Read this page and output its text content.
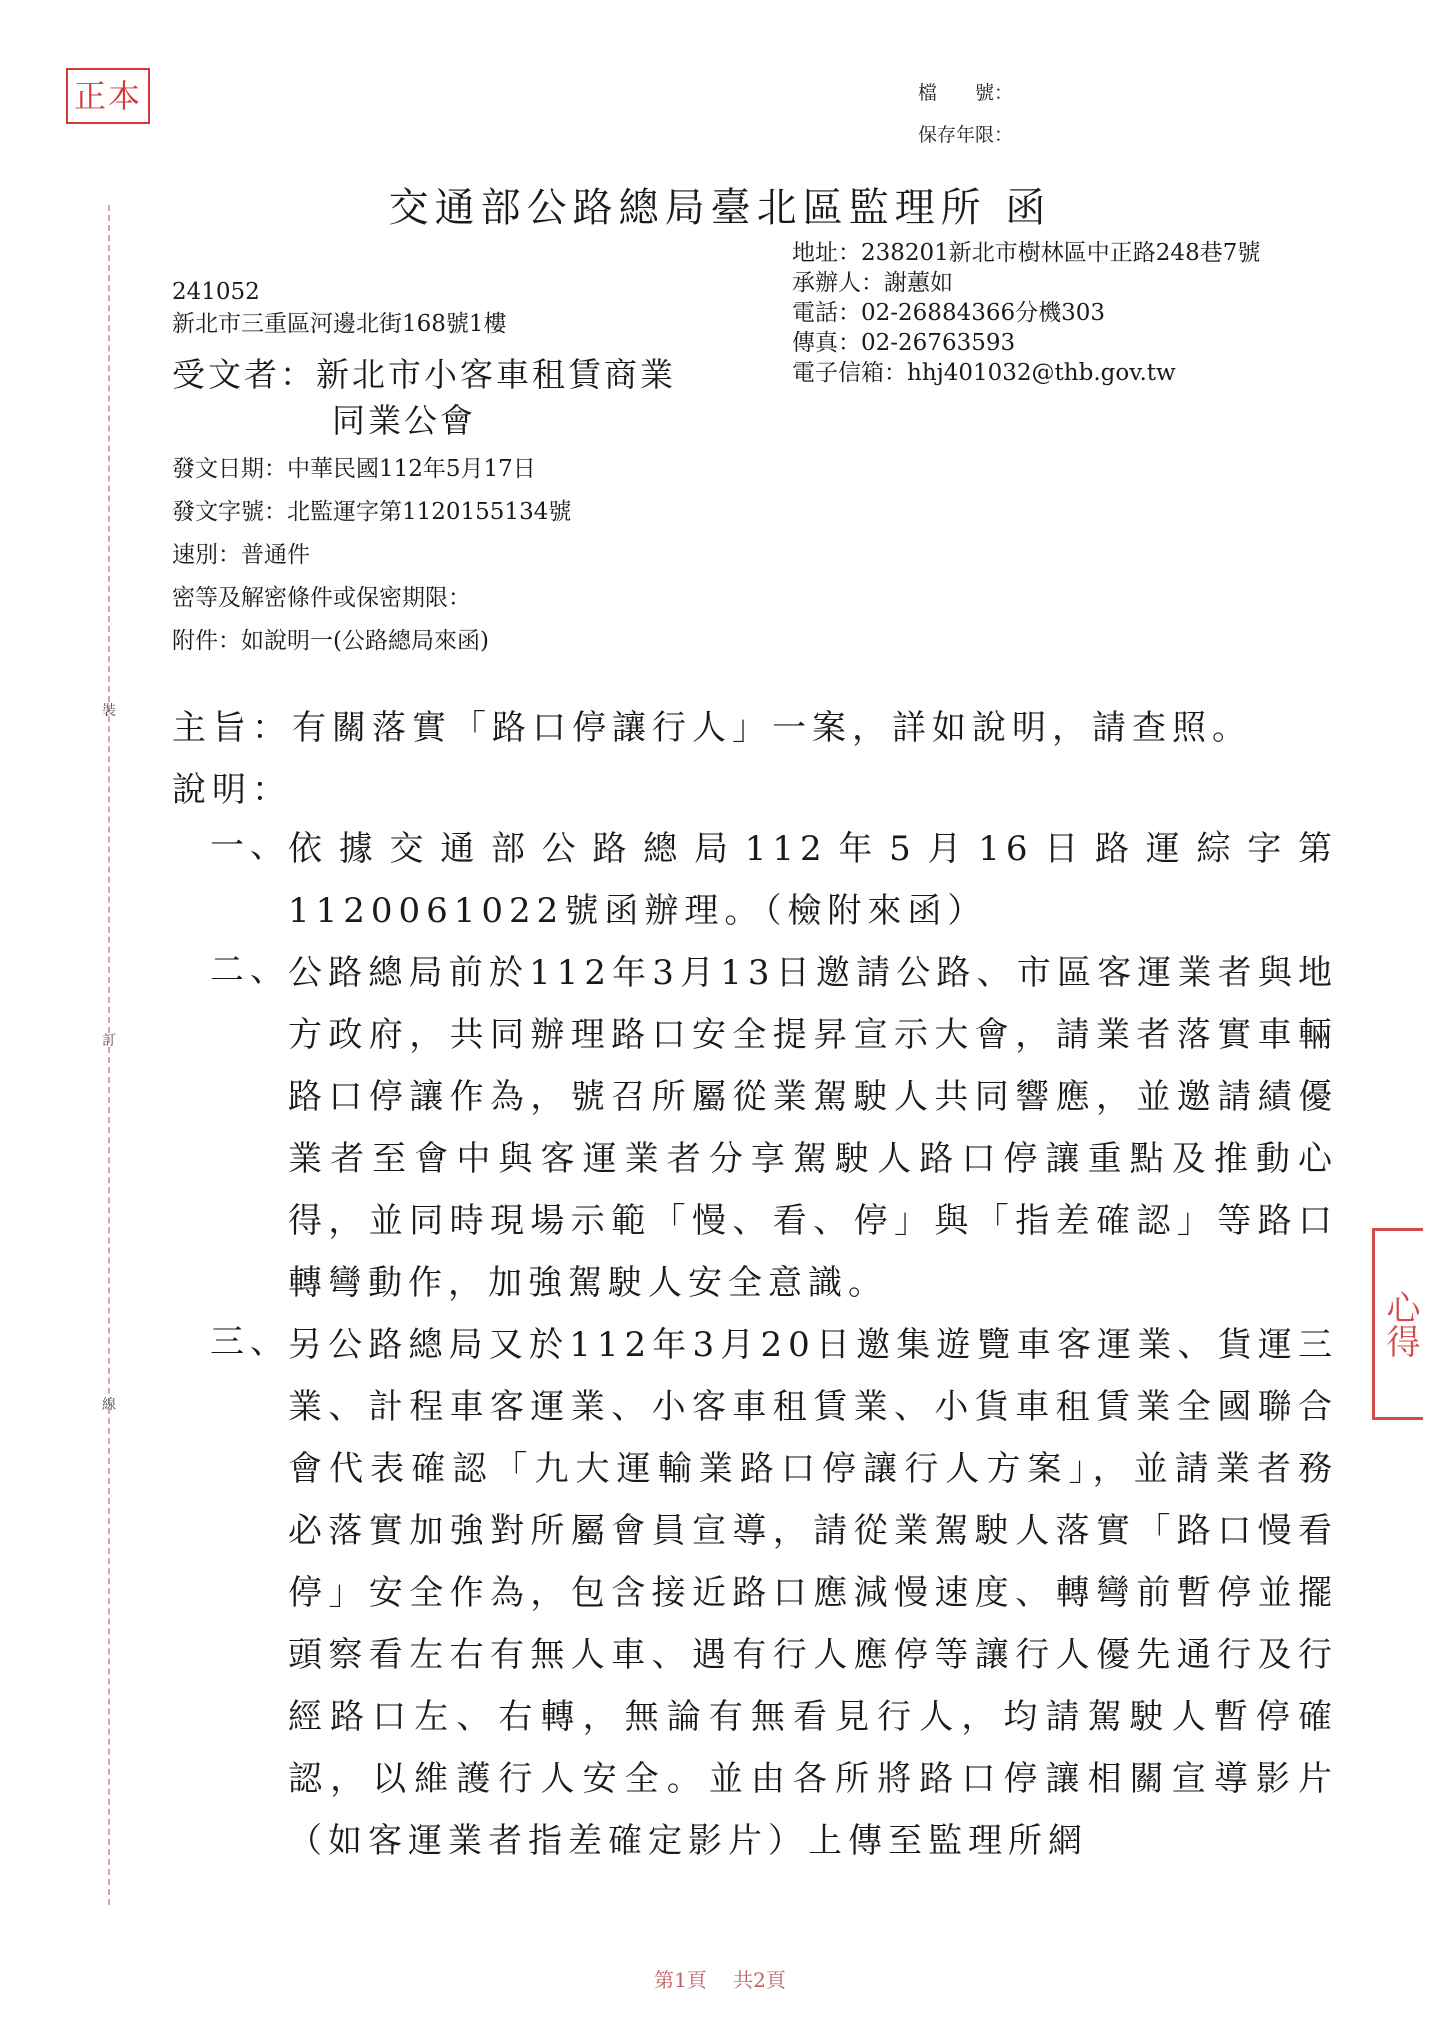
正本	檔　　號：
保存年限：
交通部公路總局臺北區監理所 函
地址：238201新北市樹林區中正路248巷7號
承辦人：謝蕙如
電話：02-26884366分機303
傳真：02-26763593
電子信箱：hhj401032@thb.gov.tw
241052
新北市三重區河邊北街168號1樓
受文者：新北市小客車租賃商業
同業公會
發文日期：中華民國112年5月17日
發文字號：北監運字第1120155134號
速別：普通件
密等及解密條件或保密期限：
附件：如說明一(公路總局來函)
主旨：有關落實「路口停讓行人」一案，詳如說明，請查照。
說明：
一、
依據交通部公路總局112年5月16日路運綜字第1120061022號函辦理。（檢附來函）
二、
公路總局前於112年3月13日邀請公路、市區客運業者與地方政府，共同辦理路口安全提昇宣示大會，請業者落實車輛路口停讓作為，號召所屬從業駕駛人共同響應，並邀請績優業者至會中與客運業者分享駕駛人路口停讓重點及推動心得，並同時現場示範「慢、看、停」與「指差確認」等路口轉彎動作，加強駕駛人安全意識。
三、
另公路總局又於112年3月20日邀集遊覽車客運業、貨運三業、計程車客運業、小客車租賃業、小貨車租賃業全國聯合會代表確認「九大運輸業路口停讓行人方案」，並請業者務必落實加強對所屬會員宣導，請從業駕駛人落實「路口慢看停」安全作為，包含接近路口應減慢速度、轉彎前暫停並擺頭察看左右有無人車、遇有行人應停等讓行人優先通行及行經路口左、右轉，無論有無看見行人，均請駕駛人暫停確認，以維護行人安全。並由各所將路口停讓相關宣導影片（如客運業者指差確定影片）上傳至監理所網
裝
訂
線
心得
第1頁 共2頁
